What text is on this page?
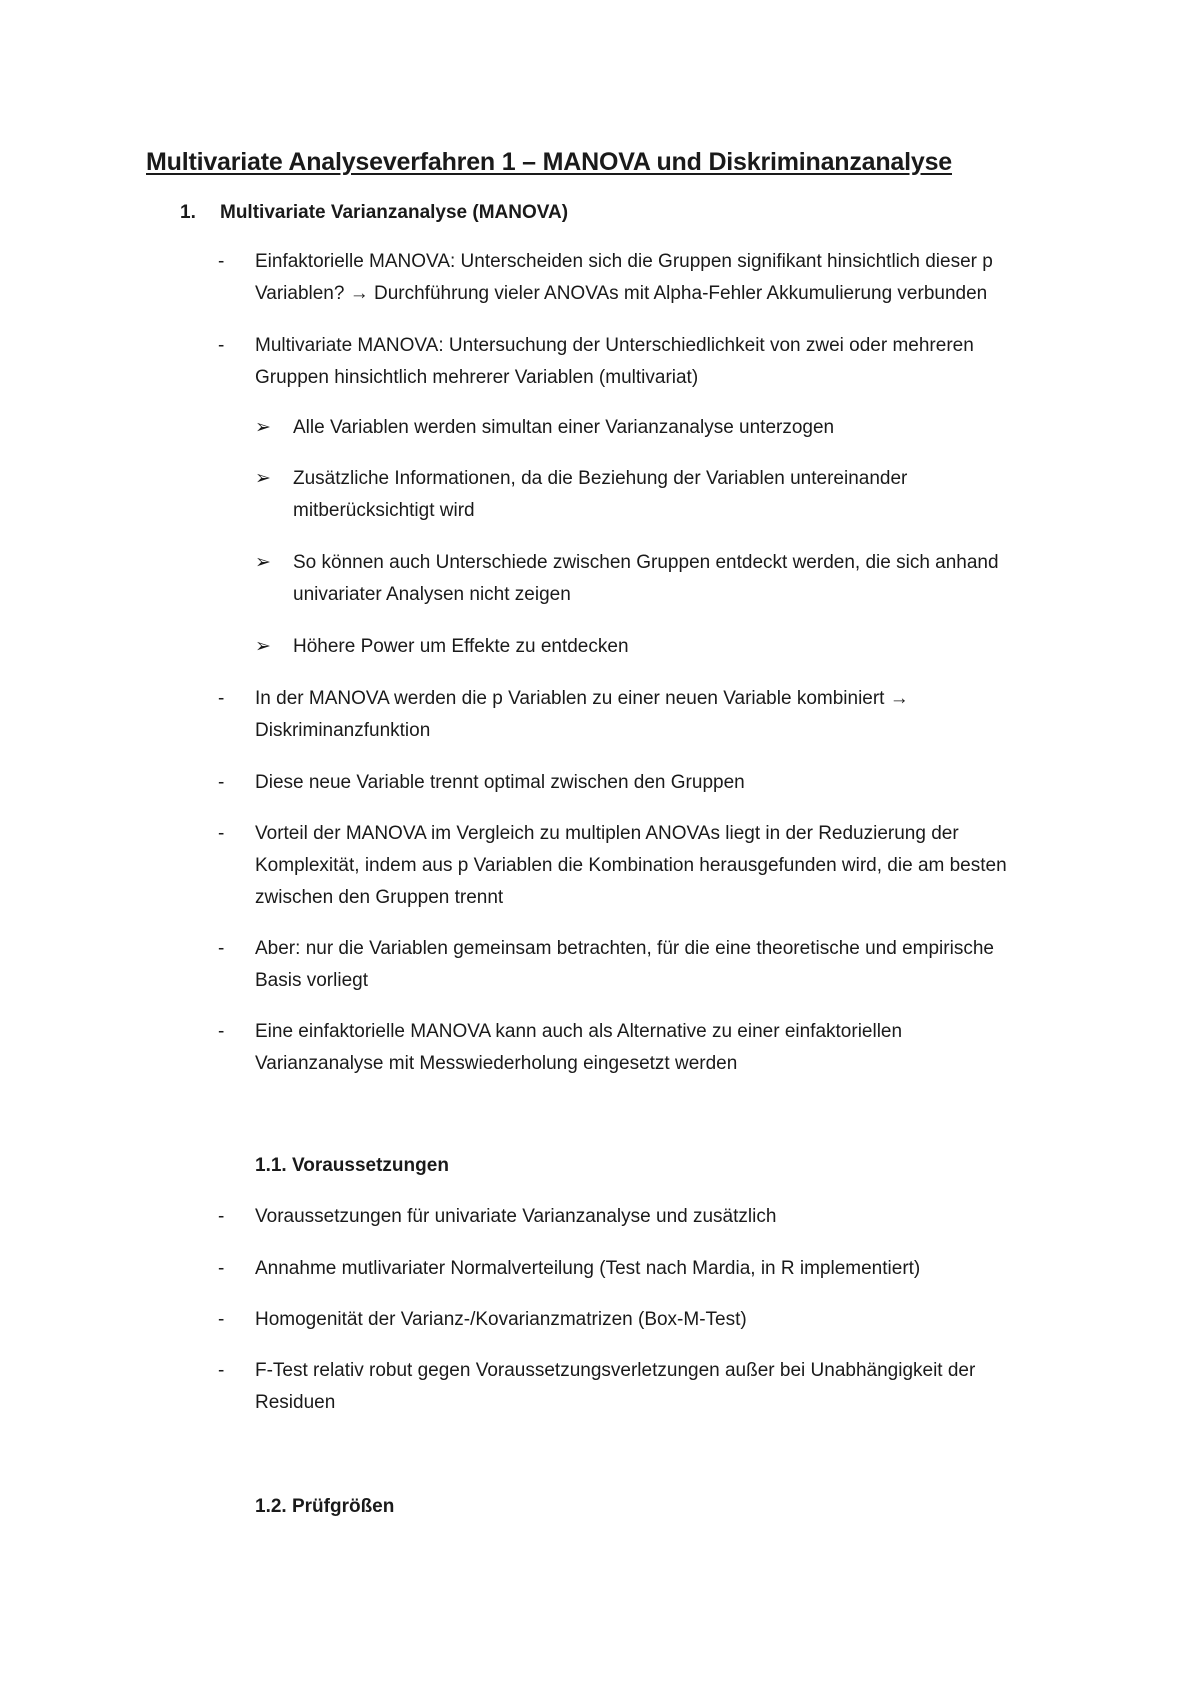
Multivariate Analyseverfahren 1 – MANOVA und Diskriminanzanalyse
1. Multivariate Varianzanalyse (MANOVA)
- Einfaktorielle MANOVA: Unterscheiden sich die Gruppen signifikant hinsichtlich dieser p
Variablen? → Durchführung vieler ANOVAs mit Alpha-Fehler Akkumulierung verbunden
- Multivariate MANOVA: Untersuchung der Unterschiedlichkeit von zwei oder mehreren
Gruppen hinsichtlich mehrerer Variablen (multivariat)
➢ Alle Variablen werden simultan einer Varianzanalyse unterzogen
➢ Zusätzliche Informationen, da die Beziehung der Variablen untereinander
mitberücksichtigt wird
➢ So können auch Unterschiede zwischen Gruppen entdeckt werden, die sich anhand
univariater Analysen nicht zeigen
➢ Höhere Power um Effekte zu entdecken
- In der MANOVA werden die p Variablen zu einer neuen Variable kombiniert →
Diskriminanzfunktion
- Diese neue Variable trennt optimal zwischen den Gruppen
- Vorteil der MANOVA im Vergleich zu multiplen ANOVAs liegt in der Reduzierung der
Komplexität, indem aus p Variablen die Kombination herausgefunden wird, die am besten
zwischen den Gruppen trennt
- Aber: nur die Variablen gemeinsam betrachten, für die eine theoretische und empirische
Basis vorliegt
- Eine einfaktorielle MANOVA kann auch als Alternative zu einer einfaktoriellen
Varianzanalyse mit Messwiederholung eingesetzt werden
1.1. Voraussetzungen
- Voraussetzungen für univariate Varianzanalyse und zusätzlich
- Annahme mutlivariater Normalverteilung (Test nach Mardia, in R implementiert)
- Homogenität der Varianz-/Kovarianzmatrizen (Box-M-Test)
- F-Test relativ robut gegen Voraussetzungsverletzungen außer bei Unabhängigkeit der
Residuen
1.2. Prüfgrößen
